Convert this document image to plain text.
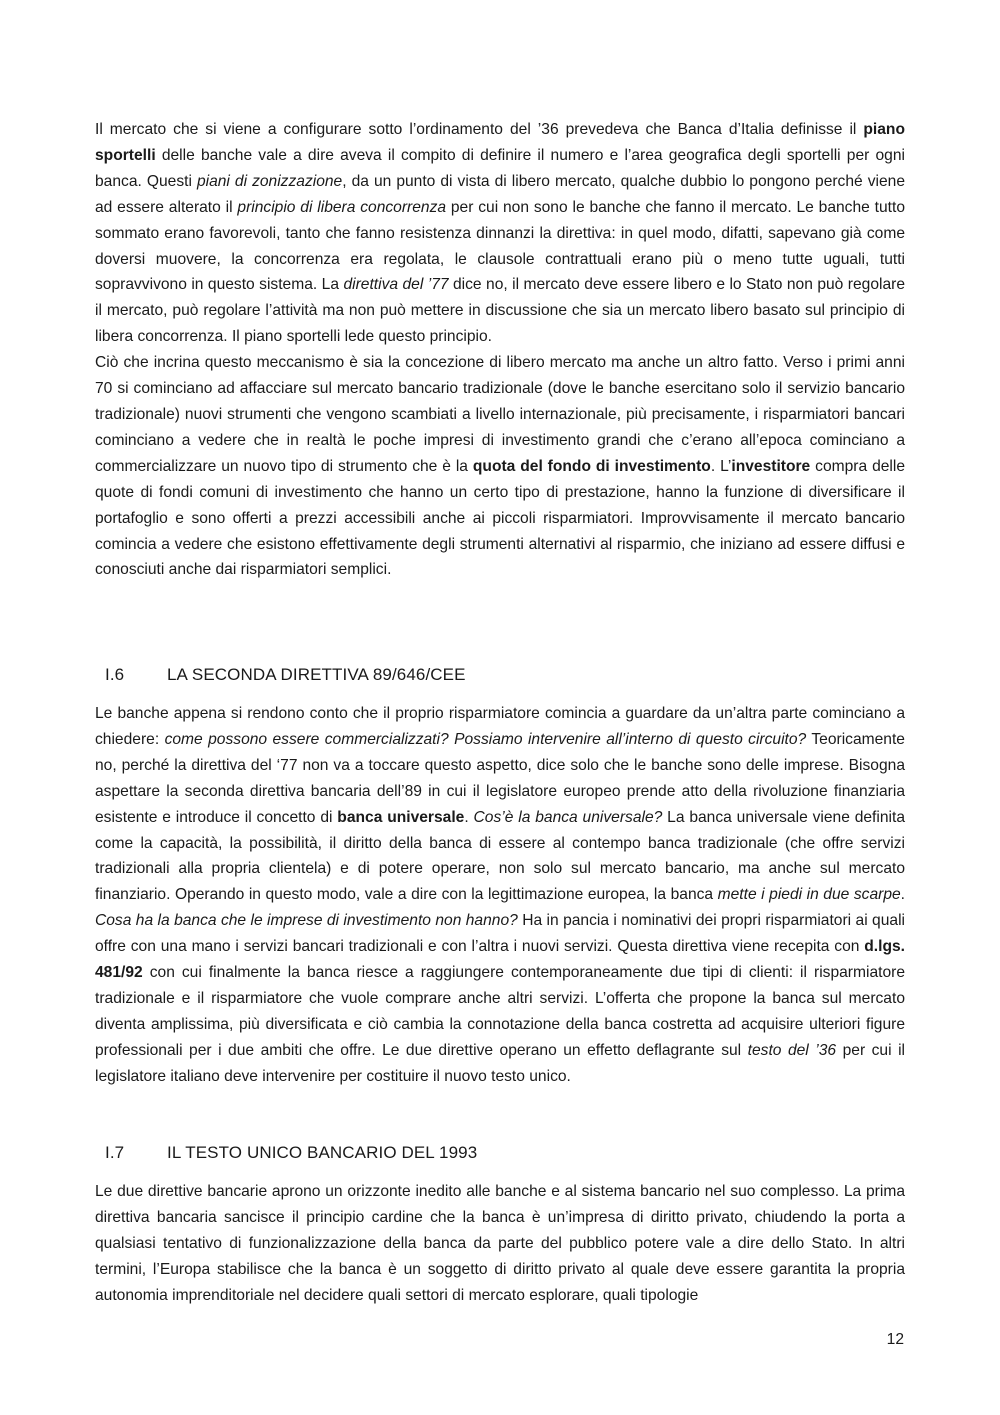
Il mercato che si viene a configurare sotto l’ordinamento del ’36 prevedeva che Banca d’Italia definisse il piano sportelli delle banche vale a dire aveva il compito di definire il numero e l’area geografica degli sportelli per ogni banca. Questi piani di zonizzazione, da un punto di vista di libero mercato, qualche dubbio lo pongono perché viene ad essere alterato il principio di libera concorrenza per cui non sono le banche che fanno il mercato. Le banche tutto sommato erano favorevoli, tanto che fanno resistenza dinnanzi la direttiva: in quel modo, difatti, sapevano già come doversi muovere, la concorrenza era regolata, le clausole contrattuali erano più o meno tutte uguali, tutti sopravvivono in questo sistema. La direttiva del ’77 dice no, il mercato deve essere libero e lo Stato non può regolare il mercato, può regolare l’attività ma non può mettere in discussione che sia un mercato libero basato sul principio di libera concorrenza. Il piano sportelli lede questo principio.

Ciò che incrina questo meccanismo è sia la concezione di libero mercato ma anche un altro fatto. Verso i primi anni 70 si cominciano ad affacciare sul mercato bancario tradizionale (dove le banche esercitano solo il servizio bancario tradizionale) nuovi strumenti che vengono scambiati a livello internazionale, più precisamente, i risparmiatori bancari cominciano a vedere che in realtà le poche impresi di investimento grandi che c’erano all’epoca cominciano a commercializzare un nuovo tipo di strumento che è la quota del fondo di investimento. L’investitore compra delle quote di fondi comuni di investimento che hanno un certo tipo di prestazione, hanno la funzione di diversificare il portafoglio e sono offerti a prezzi accessibili anche ai piccoli risparmiatori. Improvvisamente il mercato bancario comincia a vedere che esistono effettivamente degli strumenti alternativi al risparmio, che iniziano ad essere diffusi e conosciuti anche dai risparmiatori semplici.

I.6	LA SECONDA DIRETTIVA 89/646/CEE

Le banche appena si rendono conto che il proprio risparmiatore comincia a guardare da un’altra parte cominciano a chiedere: come possono essere commercializzati? Possiamo intervenire all’interno di questo circuito? Teoricamente no, perché la direttiva del ‘77 non va a toccare questo aspetto, dice solo che le banche sono delle imprese. Bisogna aspettare la seconda direttiva bancaria dell’89 in cui il legislatore europeo prende atto della rivoluzione finanziaria esistente e introduce il concetto di banca universale. Cos’è la banca universale? La banca universale viene definita come la capacità, la possibilità, il diritto della banca di essere al contempo banca tradizionale (che offre servizi tradizionali alla propria clientela) e di potere operare, non solo sul mercato bancario, ma anche sul mercato finanziario. Operando in questo modo, vale a dire con la legittimazione europea, la banca mette i piedi in due scarpe. Cosa ha la banca che le imprese di investimento non hanno? Ha in pancia i nominativi dei propri risparmiatori ai quali offre con una mano i servizi bancari tradizionali e con l’altra i nuovi servizi. Questa direttiva viene recepita con d.lgs. 481/92 con cui finalmente la banca riesce a raggiungere contemporaneamente due tipi di clienti: il risparmiatore tradizionale e il risparmiatore che vuole comprare anche altri servizi. L’offerta che propone la banca sul mercato diventa amplissima, più diversificata e ciò cambia la connotazione della banca costretta ad acquisire ulteriori figure professionali per i due ambiti che offre. Le due direttive operano un effetto deflagrante sul testo del ’36 per cui il legislatore italiano deve intervenire per costituire il nuovo testo unico.

I.7	IL TESTO UNICO BANCARIO DEL 1993

Le due direttive bancarie aprono un orizzonte inedito alle banche e al sistema bancario nel suo complesso. La prima direttiva bancaria sancisce il principio cardine che la banca è un’impresa di diritto privato, chiudendo la porta a qualsiasi tentativo di funzionalizzazione della banca da parte del pubblico potere vale a dire dello Stato. In altri termini, l’Europa stabilisce che la banca è un soggetto di diritto privato al quale deve essere garantita la propria autonomia imprenditoriale nel decidere quali settori di mercato esplorare, quali tipologie

12
